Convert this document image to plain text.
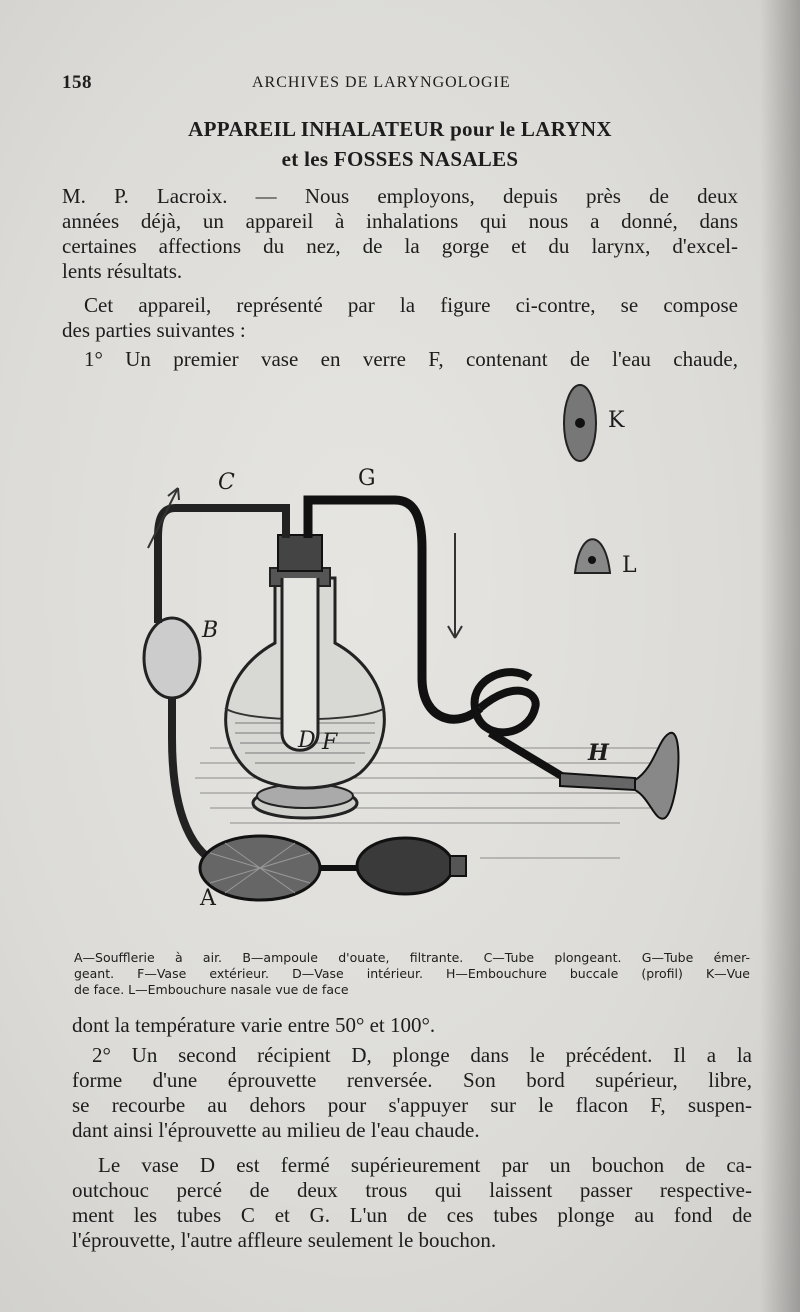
158	ARCHIVES DE LARYNGOLOGIE
APPAREIL INHALATEUR pour le LARYNX
et les FOSSES NASALES
M. P. Lacroix. — Nous employons, depuis près de deux
années déjà, un appareil à inhalations qui nous a donné, dans
certaines affections du nez, de la gorge et du larynx, d'excel-
lents résultats.
Cet appareil, représenté par la figure ci-contre, se compose
des parties suivantes :
1° Un premier vase en verre F, contenant de l'eau chaude,
C	G
B
D F	H
A
K
L
A—Soufflerie à air. B—ampoule d'ouate, filtrante. C—Tube plongeant. G—Tube émer-
geant. F—Vase extérieur. D—Vase intérieur. H—Embouchure buccale (profil) K—Vue
de face. L—Embouchure nasale vue de face
dont la température varie entre 50° et 100°.
2° Un second récipient D, plonge dans le précédent. Il a la
forme d'une éprouvette renversée. Son bord supérieur, libre,
se recourbe au dehors pour s'appuyer sur le flacon F, suspen-
dant ainsi l'éprouvette au milieu de l'eau chaude.
Le vase D est fermé supérieurement par un bouchon de ca-
outchouc percé de deux trous qui laissent passer respective-
ment les tubes C et G. L'un de ces tubes plonge au fond de
l'éprouvette, l'autre affleure seulement le bouchon.
